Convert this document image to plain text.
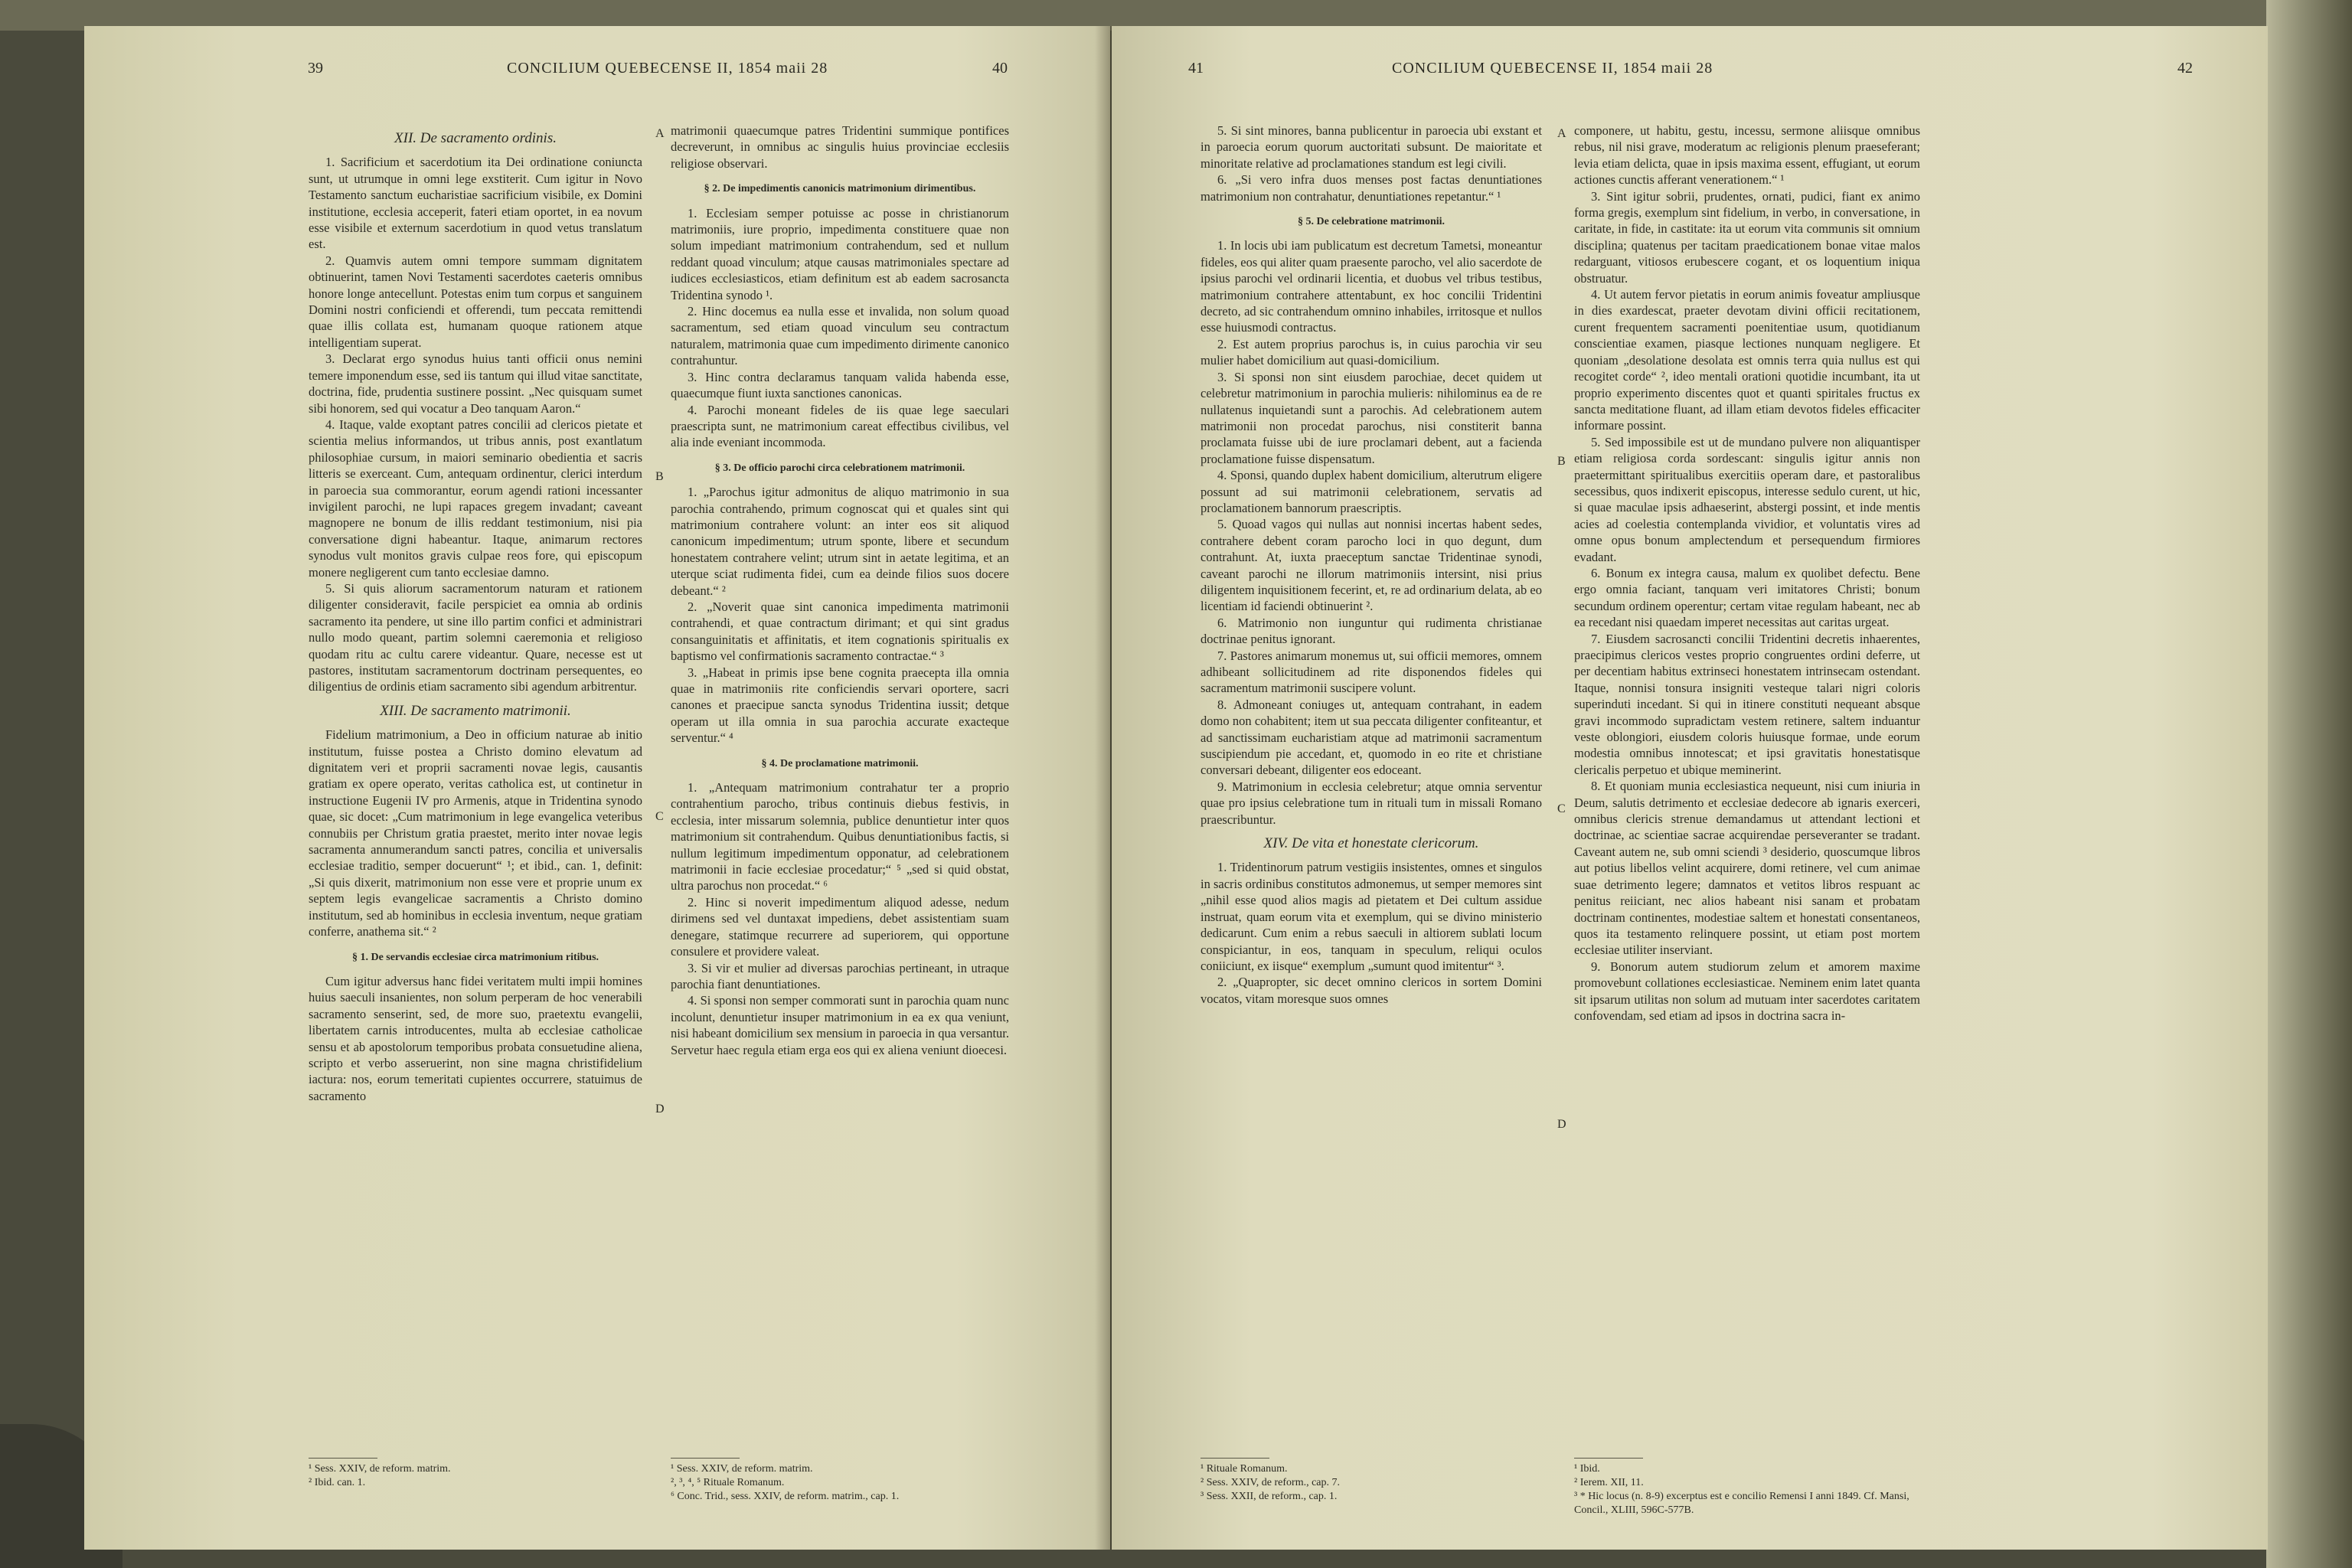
39	CONCILIUM QUEBECENSE II, 1854 maii 28	40
XII. De sacramento ordinis.

1. Sacrificium et sacerdotium ita Dei ordinatione coniuncta sunt, ut utrumque in omni lege exstiterit. Cum igitur in Novo Testamento sanctum eucharistiae sacrificium visibile, ex Domini institutione, ecclesia acceperit, fateri etiam oportet, in ea novum esse visibile et externum sacerdotium in quod vetus translatum est.

2. Quamvis autem omni tempore summam dignitatem obtinuerint, tamen Novi Testamenti sacerdotes caeteris omnibus honore longe antecellunt. Potestas enim tum corpus et sanguinem Domini nostri conficiendi et offerendi, tum peccata remittendi quae illis collata est, humanam quoque rationem atque intelligentiam superat.

3. Declarat ergo synodus huius tanti officii onus nemini temere imponendum esse, sed iis tantum qui illud vitae sanctitate, doctrina, fide, prudentia sustinere possint. „Nec quisquam sumet sibi honorem, sed qui vocatur a Deo tanquam Aaron.“

4. Itaque, valde exoptant patres concilii ad clericos pietate et scientia melius informandos, ut tribus annis, post exantlatum philosophiae cursum, in maiori seminario obedientia et sacris litteris se exerceant. Cum, antequam ordinentur, clerici interdum in paroecia sua commorantur, eorum agendi rationi incessanter invigilent parochi, ne lupi rapaces gregem invadant; caveant magnopere ne bonum de illis reddant testimonium, nisi pia conversatione digni habeantur. Itaque, animarum rectores synodus vult monitos gravis culpae reos fore, qui episcopum monere negligerent cum tanto ecclesiae damno.

5. Si quis aliorum sacramentorum naturam et rationem diligenter consideravit, facile perspiciet ea omnia ab ordinis sacramento ita pendere, ut sine illo partim confici et administrari nullo modo queant, partim solemni caeremonia et religioso quodam ritu ac cultu carere videantur. Quare, necesse est ut pastores, institutam sacramentorum doctrinam persequentes, eo diligentius de ordinis etiam sacramento sibi agendum arbitrentur.

XIII. De sacramento matrimonii.

Fidelium matrimonium, a Deo in officium naturae ab initio institutum, fuisse postea a Christo domino elevatum ad dignitatem veri et proprii sacramenti novae legis, causantis gratiam ex opere operato, veritas catholica est, ut continetur in instructione Eugenii IV pro Armenis, atque in Tridentina synodo quae, sic docet: „Cum matrimonium in lege evangelica veteribus connubiis per Christum gratia praestet, merito inter novae legis sacramenta annumerandum sancti patres, concilia et universalis ecclesiae traditio, semper docuerunt“ ¹; et ibid., can. 1, definit: „Si quis dixerit, matrimonium non esse vere et proprie unum ex septem legis evangelicae sacramentis a Christo domino institutum, sed ab hominibus in ecclesia inventum, neque gratiam conferre, anathema sit.“ ²

§ 1. De servandis ecclesiae circa matrimonium ritibus.

Cum igitur adversus hanc fidei veritatem multi impii homines huius saeculi insanientes, non solum perperam de hoc venerabili sacramento senserint, sed, de more suo, praetextu evangelii, libertatem carnis introducentes, multa ab ecclesiae catholicae sensu et ab apostolorum temporibus probata consuetudine aliena, scripto et verbo asseruerint, non sine magna christifidelium iactura: nos, eorum temeritati cupientes occurrere, statuimus de sacramento

¹ Sess. XXIV, de reform. matrim.
² Ibid. can. 1.
A
B
C
D

matrimonii quaecumque patres Tridentini summique pontifices decreverunt, in omnibus ac singulis huius provinciae ecclesiis religiose observari.

§ 2. De impedimentis canonicis matrimonium dirimentibus.

1. Ecclesiam semper potuisse ac posse in christianorum matrimoniis, iure proprio, impedimenta constituere quae non solum impediant matrimonium contrahendum, sed et nullum reddant quoad vinculum; atque causas matrimoniales spectare ad iudices ecclesiasticos, etiam definitum est ab eadem sacrosancta Tridentina synodo ¹.

2. Hinc docemus ea nulla esse et invalida, non solum quoad sacramentum, sed etiam quoad vinculum seu contractum naturalem, matrimonia quae cum impedimento dirimente canonico contrahuntur.

3. Hinc contra declaramus tanquam valida habenda esse, quaecumque fiunt iuxta sanctiones canonicas.

4. Parochi moneant fideles de iis quae lege saeculari praescripta sunt, ne matrimonium careat effectibus civilibus, vel alia inde eveniant incommoda.

§ 3. De officio parochi circa celebrationem matrimonii.

1. „Parochus igitur admonitus de aliquo matrimonio in sua parochia contrahendo, primum cognoscat qui et quales sint qui matrimonium contrahere volunt: an inter eos sit aliquod canonicum impedimentum; utrum sponte, libere et secundum honestatem contrahere velint; utrum sint in aetate legitima, et an uterque sciat rudimenta fidei, cum ea deinde filios suos docere debeant.“ ²

2. „Noverit quae sint canonica impedimenta matrimonii contrahendi, et quae contractum dirimant; et qui sint gradus consanguinitatis et affinitatis, et item cognationis spiritualis ex baptismo vel confirmationis sacramento contractae.“ ³

3. „Habeat in primis ipse bene cognita praecepta illa omnia quae in matrimoniis rite conficiendis servari oportere, sacri canones et praecipue sancta synodus Tridentina iussit; detque operam ut illa omnia in sua parochia accurate exacteque serventur.“ ⁴

§ 4. De proclamatione matrimonii.

1. „Antequam matrimonium contrahatur ter a proprio contrahentium parocho, tribus continuis diebus festivis, in ecclesia, inter missarum solemnia, publice denuntietur inter quos matrimonium sit contrahendum. Quibus denuntiationibus factis, si nullum legitimum impedimentum opponatur, ad celebrationem matrimonii in facie ecclesiae procedatur;“ ⁵ „sed si quid obstat, ultra parochus non procedat.“ ⁶

2. Hinc si noverit impedimentum aliquod adesse, nedum dirimens sed vel duntaxat impediens, debet assistentiam suam denegare, statimque recurrere ad superiorem, qui opportune consulere et providere valeat.

3. Si vir et mulier ad diversas parochias pertineant, in utraque parochia fiant denuntiationes.

4. Si sponsi non semper commorati sunt in parochia quam nunc incolunt, denuntietur insuper matrimonium in ea ex qua veniunt, nisi habeant domicilium sex mensium in paroecia in qua versantur. Servetur haec regula etiam erga eos qui ex aliena veniunt dioecesi.

¹ Sess. XXIV, de reform. matrim.
², ³, ⁴, ⁵ Rituale Romanum.
⁶ Conc. Trid., sess. XXIV, de reform. matrim., cap. 1.
41	CONCILIUM QUEBECENSE II, 1854 maii 28	42

5. Si sint minores, banna publicentur in paroecia ubi exstant et in paroecia eorum quorum auctoritati subsunt. De maioritate et minoritate relative ad proclamationes standum est legi civili.

6. „Si vero infra duos menses post factas denuntiationes matrimonium non contrahatur, denuntiationes repetantur.“ ¹

§ 5. De celebratione matrimonii.

1. In locis ubi iam publicatum est decretum Tametsi, moneantur fideles, eos qui aliter quam praesente parocho, vel alio sacerdote de ipsius parochi vel ordinarii licentia, et duobus vel tribus testibus, matrimonium contrahere attentabunt, ex hoc concilii Tridentini decreto, ad sic contrahendum omnino inhabiles, irritosque et nullos esse huiusmodi contractus.

2. Est autem proprius parochus is, in cuius parochia vir seu mulier habet domicilium aut quasi-domicilium.

3. Si sponsi non sint eiusdem parochiae, decet quidem ut celebretur matrimonium in parochia mulieris: nihilominus ea de re nullatenus inquietandi sunt a parochis. Ad celebrationem autem matrimonii non procedat parochus, nisi constiterit banna proclamata fuisse ubi de iure proclamari debent, aut a facienda proclamatione fuisse dispensatum.

4. Sponsi, quando duplex habent domicilium, alterutrum eligere possunt ad sui matrimonii celebrationem, servatis ad proclamationem bannorum praescriptis.

5. Quoad vagos qui nullas aut nonnisi incertas habent sedes, contrahere debent coram parocho loci in quo degunt, dum contrahunt. At, iuxta praeceptum sanctae Tridentinae synodi, caveant parochi ne illorum matrimoniis intersint, nisi prius diligentem inquisitionem fecerint, et, re ad ordinarium delata, ab eo licentiam id faciendi obtinuerint ².

6. Matrimonio non iunguntur qui rudimenta christianae doctrinae penitus ignorant.

7. Pastores animarum monemus ut, sui officii memores, omnem adhibeant sollicitudinem ad rite disponendos fideles qui sacramentum matrimonii suscipere volunt.

8. Admoneant coniuges ut, antequam contrahant, in eadem domo non cohabitent; item ut sua peccata diligenter confiteantur, et ad sanctissimam eucharistiam atque ad matrimonii sacramentum suscipiendum pie accedant, et, quomodo in eo rite et christiane conversari debeant, diligenter eos edoceant.

9. Matrimonium in ecclesia celebretur; atque omnia serventur quae pro ipsius celebratione tum in rituali tum in missali Romano praescribuntur.

XIV. De vita et honestate clericorum.

1. Tridentinorum patrum vestigiis insistentes, omnes et singulos in sacris ordinibus constitutos admonemus, ut semper memores sint „nihil esse quod alios magis ad pietatem et Dei cultum assidue instruat, quam eorum vita et exemplum, qui se divino ministerio dedicarunt. Cum enim a rebus saeculi in altiorem sublati locum conspiciantur, in eos, tanquam in speculum, reliqui oculos coniiciunt, ex iisque“ exemplum „sumunt quod imitentur“ ³.

2. „Quapropter, sic decet omnino clericos in sortem Domini vocatos, vitam moresque suos omnes

¹ Rituale Romanum.
² Sess. XXIV, de reform., cap. 7.
³ Sess. XXII, de reform., cap. 1.
A
B
C
D

componere, ut habitu, gestu, incessu, sermone aliisque omnibus rebus, nil nisi grave, moderatum ac religionis plenum praeseferant; levia etiam delicta, quae in ipsis maxima essent, effugiant, ut eorum actiones cunctis afferant venerationem.“ ¹

3. Sint igitur sobrii, prudentes, ornati, pudici, fiant ex animo forma gregis, exemplum sint fidelium, in verbo, in conversatione, in caritate, in fide, in castitate: ita ut eorum vita communis sit omnium disciplina; quatenus per tacitam praedicationem bonae vitae malos redarguant, vitiosos erubescere cogant, et os loquentium iniqua obstruatur.

4. Ut autem fervor pietatis in eorum animis foveatur ampliusque in dies exardescat, praeter devotam divini officii recitationem, curent frequentem sacramenti poenitentiae usum, quotidianum conscientiae examen, piasque lectiones nunquam negligere. Et quoniam „desolatione desolata est omnis terra quia nullus est qui recogitet corde“ ², ideo mentali orationi quotidie incumbant, ita ut proprio experimento discentes quot et quanti spiritales fructus ex sancta meditatione fluant, ad illam etiam devotos fideles efficaciter informare possint.

5. Sed impossibile est ut de mundano pulvere non aliquantisper etiam religiosa corda sordescant: singulis igitur annis non praetermittant spiritualibus exercitiis operam dare, et pastoralibus secessibus, quos indixerit episcopus, interesse sedulo curent, ut hic, si quae maculae ipsis adhaeserint, abstergi possint, et inde mentis acies ad coelestia contemplanda vividior, et voluntatis vires ad omne opus bonum amplectendum et persequendum firmiores evadant.

6. Bonum ex integra causa, malum ex quolibet defectu. Bene ergo omnia faciant, tanquam veri imitatores Christi; bonum secundum ordinem operentur; certam vitae regulam habeant, nec ab ea recedant nisi quaedam imperet necessitas aut caritas urgeat.

7. Eiusdem sacrosancti concilii Tridentini decretis inhaerentes, praecipimus clericos vestes proprio congruentes ordini deferre, ut per decentiam habitus extrinseci honestatem intrinsecam ostendant. Itaque, nonnisi tonsura insigniti vesteque talari nigri coloris superinduti incedant. Si qui in itinere constituti nequeant absque gravi incommodo supradictam vestem retinere, saltem induantur veste oblongiori, eiusdem coloris huiusque formae, unde eorum modestia omnibus innotescat; et ipsi gravitatis honestatisque clericalis perpetuo et ubique meminerint.

8. Et quoniam munia ecclesiastica nequeunt, nisi cum iniuria in Deum, salutis detrimento et ecclesiae dedecore ab ignaris exerceri, omnibus clericis strenue demandamus ut attendant lectioni et doctrinae, ac scientiae sacrae acquirendae perseveranter se tradant. Caveant autem ne, sub omni sciendi ³ desiderio, quoscumque libros aut potius libellos velint acquirere, domi retinere, vel cum animae suae detrimento legere; damnatos et vetitos libros respuant ac penitus reiiciant, nec alios habeant nisi sanam et probatam doctrinam continentes, modestiae saltem et honestati consentaneos, quos ita testamento relinquere possint, ut etiam post mortem ecclesiae utiliter inserviant.

9. Bonorum autem studiorum zelum et amorem maxime promovebunt collationes ecclesiasticae. Neminem enim latet quanta sit ipsarum utilitas non solum ad mutuam inter sacerdotes caritatem confovendam, sed etiam ad ipsos in doctrina sacra in-

¹ Ibid.
² Ierem. XII, 11.
³ * Hic locus (n. 8-9) excerptus est e concilio Remensi I anni 1849. Cf. Mansi, Concil., XLIII, 596C-577B.
